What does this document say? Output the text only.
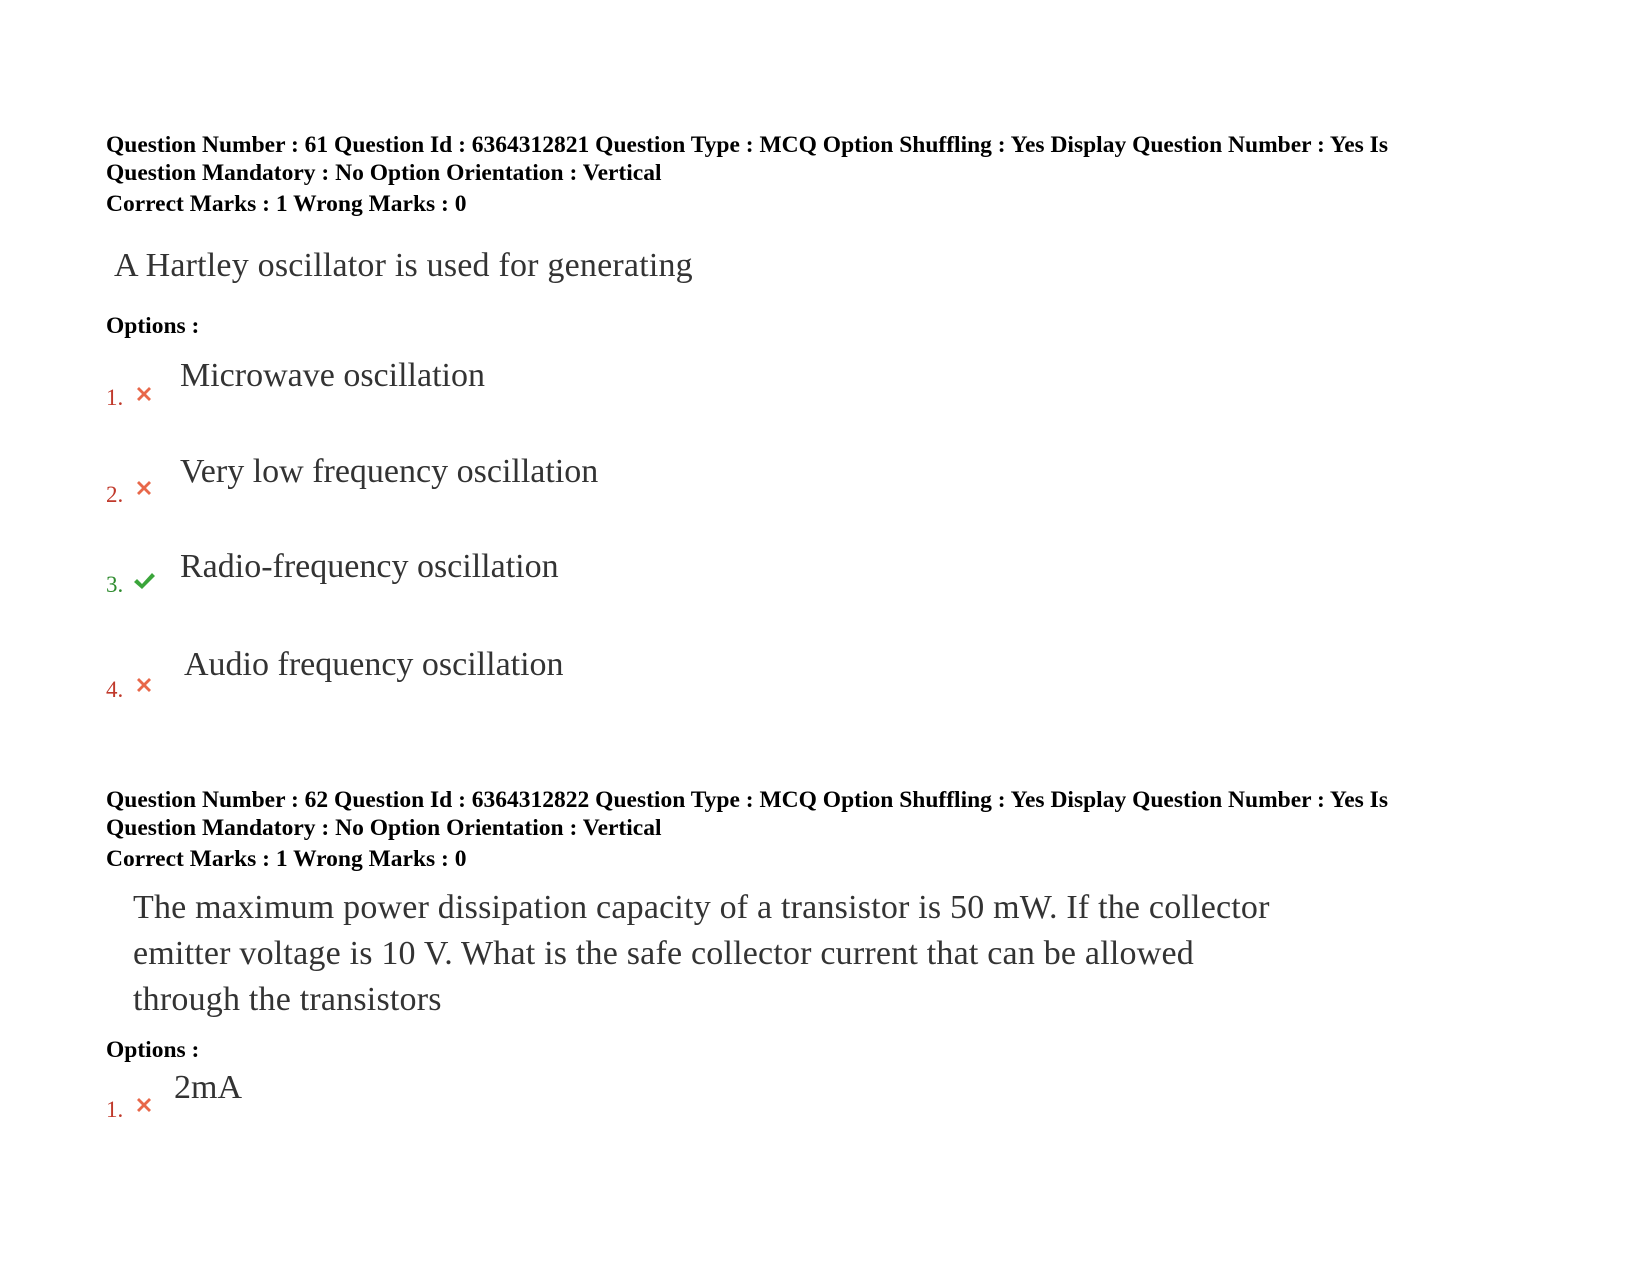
Question Number : 61 Question Id : 6364312821 Question Type : MCQ Option Shuffling : Yes Display Question Number : Yes Is
Question Mandatory : No Option Orientation : Vertical
Correct Marks : 1 Wrong Marks : 0
A Hartley oscillator is used for generating
Options :
1.
Microwave oscillation
2.
Very low frequency oscillation
3. Radio-frequency oscillation
4.
Audio frequency oscillation
Question Number : 62 Question Id : 6364312822 Question Type : MCQ Option Shuffling : Yes Display Question Number : Yes Is
Question Mandatory : No Option Orientation : Vertical
Correct Marks : 1 Wrong Marks : 0
The maximum power dissipation capacity of a transistor is 50 mW. If the collector
emitter voltage is 10 V. What is the safe collector current that can be allowed
through the transistors
Options :
1.
2mA
